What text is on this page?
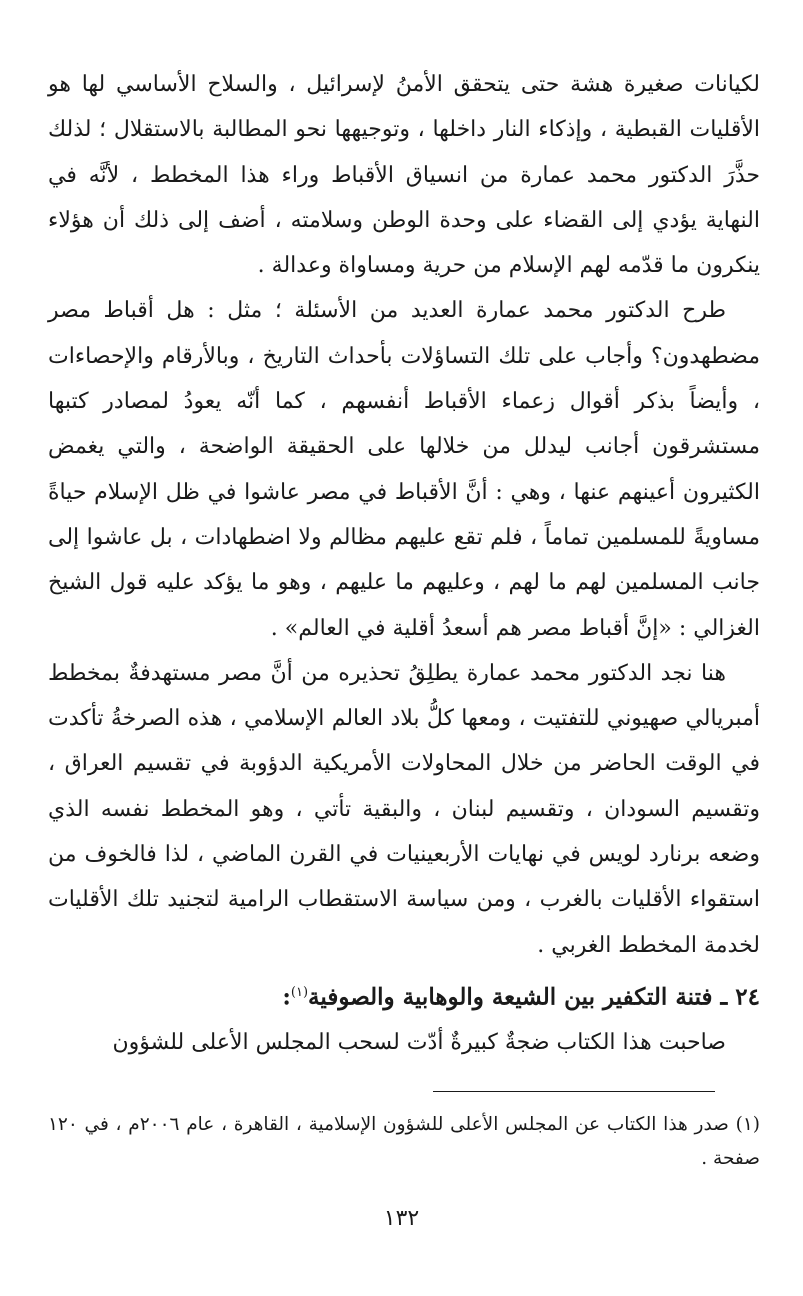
لكيانات صغيرة هشة حتى يتحقق الأمنُ لإسرائيل ، والسلاح الأساسي لها هو الأقليات القبطية ، وإذكاء النار داخلها ، وتوجيهها نحو المطالبة بالاستقلال ؛ لذلك حذَّرَ الدكتور محمد عمارة من انسياق الأقباط وراء هذا المخطط ، لأنَّه في النهاية يؤدي إلى القضاء على وحدة الوطن وسلامته ، أضف إلى ذلك أن هؤلاء ينكرون ما قدّمه لهم الإسلام من حرية ومساواة وعدالة .

طرح الدكتور محمد عمارة العديد من الأسئلة ؛ مثل : هل أقباط مصر مضطهدون؟ وأجاب على تلك التساؤلات بأحداث التاريخ ، وبالأرقام والإحصاءات ، وأيضاً بذكر أقوال زعماء الأقباط أنفسهم ، كما أنّه يعودُ لمصادر كتبها مستشرقون أجانب ليدلل من خلالها على الحقيقة الواضحة ، والتي يغمض الكثيرون أعينهم عنها ، وهي : أنَّ الأقباط في مصر عاشوا في ظل الإسلام حياةً مساويةً للمسلمين تماماً ، فلم تقع عليهم مظالم ولا اضطهادات ، بل عاشوا إلى جانب المسلمين لهم ما لهم ، وعليهم ما عليهم ، وهو ما يؤكد عليه قول الشيخ الغزالي : «إنَّ أقباط مصر هم أسعدُ أقلية في العالم» .

هنا نجد الدكتور محمد عمارة يطلِقُ تحذيره من أنَّ مصر مستهدفةٌ بمخطط أمبريالي صهيوني للتفتيت ، ومعها كلُّ بلاد العالم الإسلامي ، هذه الصرخةُ تأكدت في الوقت الحاضر من خلال المحاولات الأمريكية الدؤوبة في تقسيم العراق ، وتقسيم السودان ، وتقسيم لبنان ، والبقية تأتي ، وهو المخطط نفسه الذي وضعه برنارد لويس في نهايات الأربعينيات في القرن الماضي ، لذا فالخوف من استقواء الأقليات بالغرب ، ومن سياسة الاستقطاب الرامية لتجنيد تلك الأقليات لخدمة المخطط الغربي .

٢٤ ـ فتنة التكفير بين الشيعة والوهابية والصوفية$^{(١)}$:

صاحبت هذا الكتاب ضجةٌ كبيرةٌ أدّت لسحب المجلس الأعلى للشؤون

(١) صدر هذا الكتاب عن المجلس الأعلى للشؤون الإسلامية ، القاهرة ، عام ٢٠٠٦م ، في ١٢٠ صفحة .

١٣٢
